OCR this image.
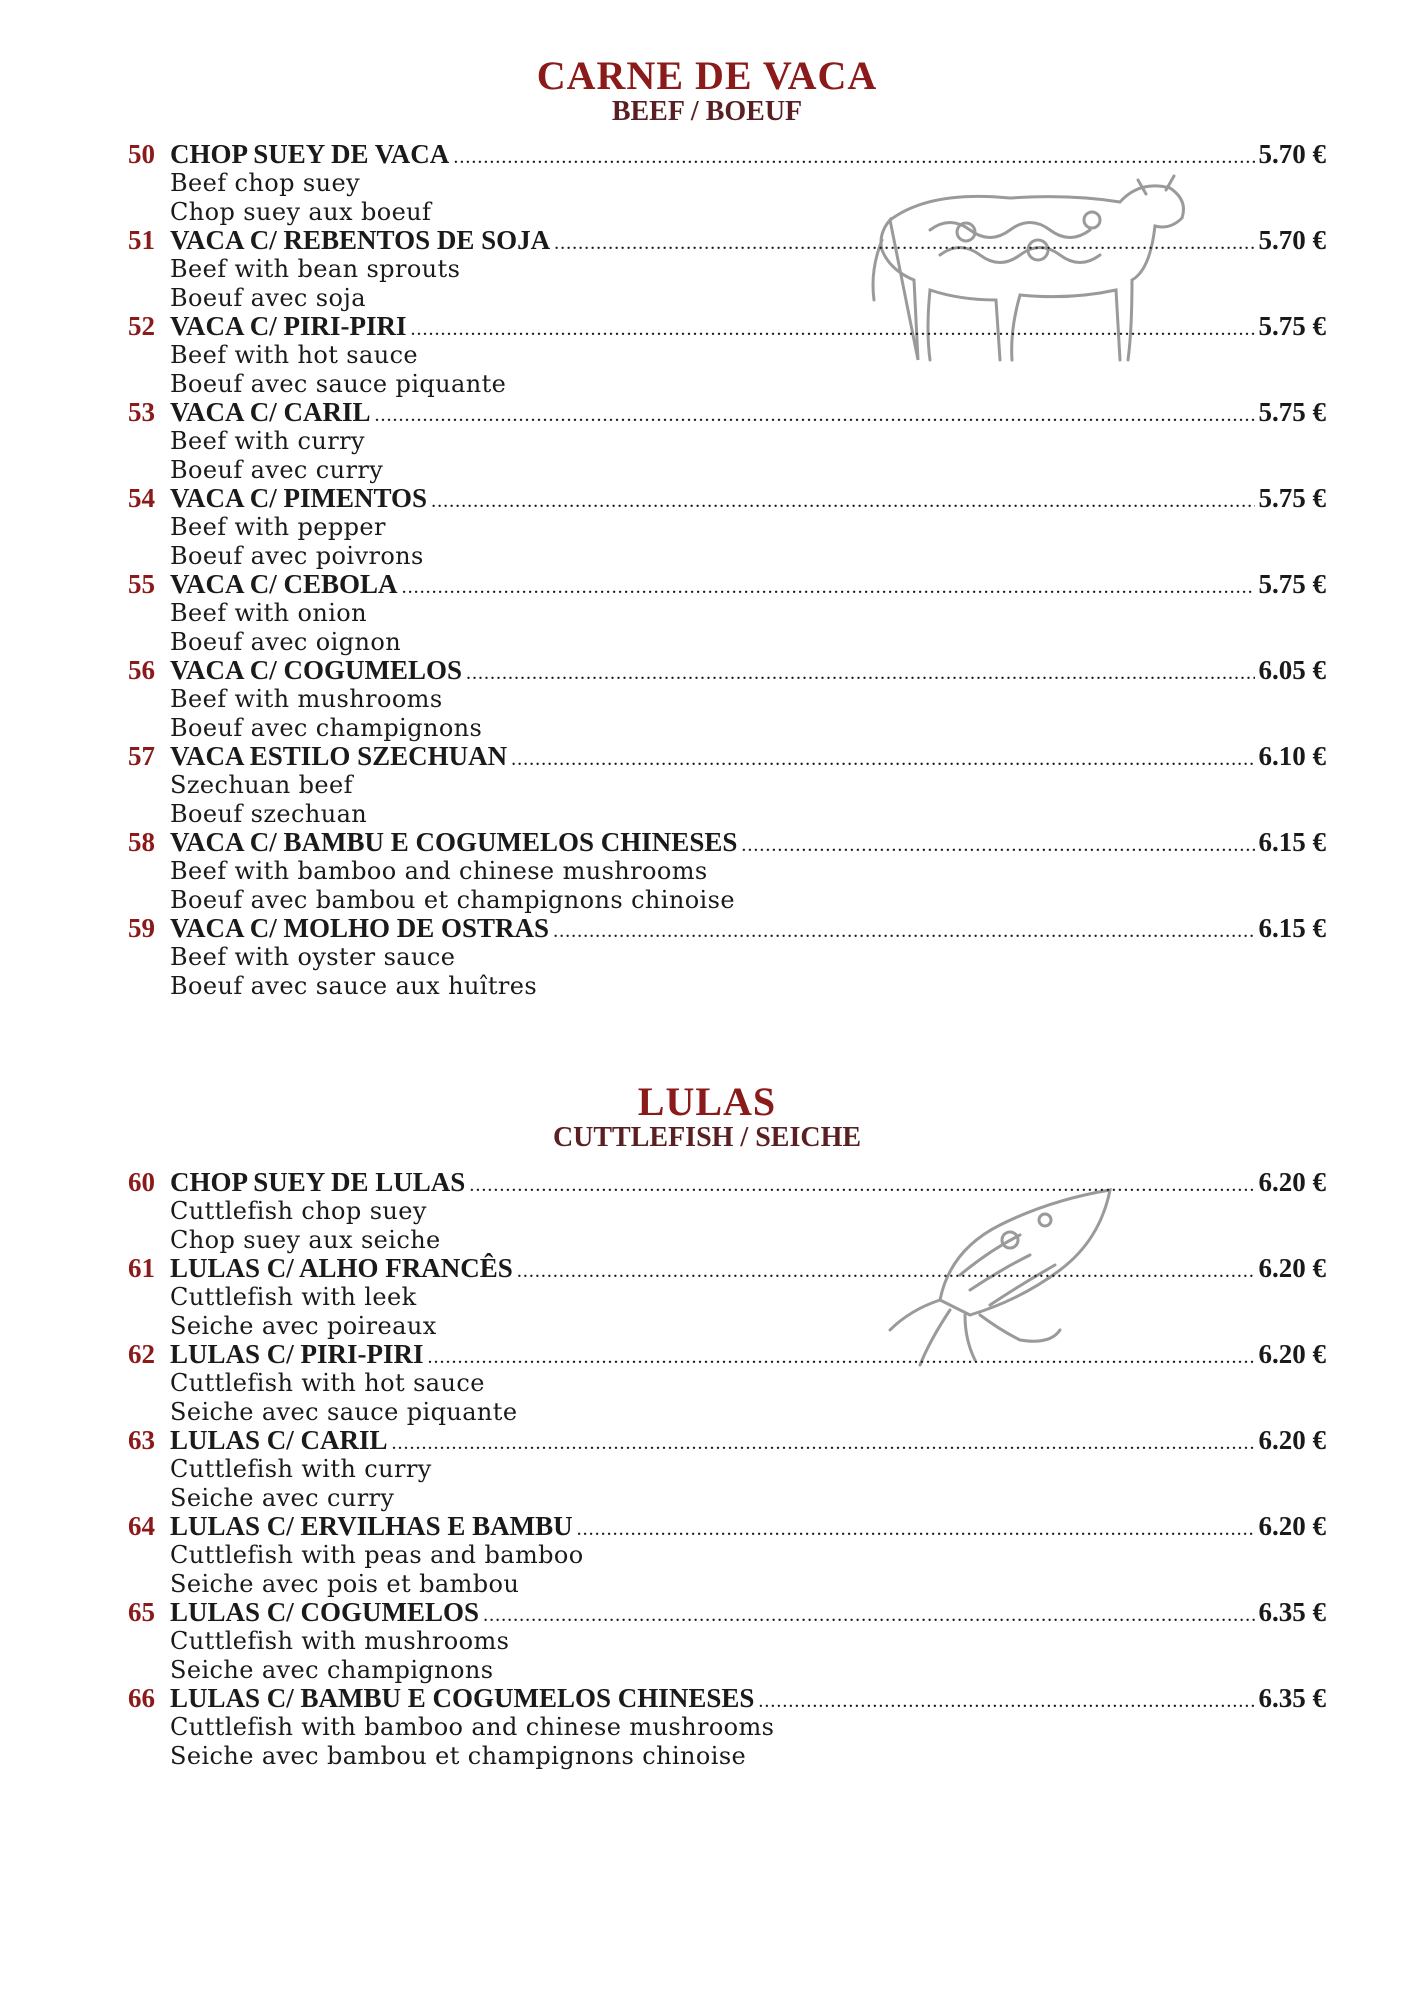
CARNE DE VACA
BEEF / BOEUF
50 CHOP SUEY DE VACA .....	5.70 €
Beef chop suey
Chop suey aux boeuf
51 VACA C/ REBENTOS DE SOJA .....	5.70 €
Beef with bean sprouts
Boeuf avec soja
52 VACA C/ PIRI-PIRI .....	5.75 €
Beef with hot sauce
Boeuf avec sauce piquante
53 VACA C/ CARIL .....	5.75 €
Beef with curry
Boeuf avec curry
54 VACA C/ PIMENTOS .....	5.75 €
Beef with pepper
Boeuf avec poivrons
55 VACA C/ CEBOLA .....	5.75 €
Beef with onion
Boeuf avec oignon
56 VACA C/ COGUMELOS .....	6.05 €
Beef with mushrooms
Boeuf avec champignons
57 VACA ESTILO SZECHUAN .....	6.10 €
Szechuan beef
Boeuf szechuan
58 VACA C/ BAMBU E COGUMELOS CHINESES .....	6.15 €
Beef with bamboo and chinese mushrooms
Boeuf avec bambou et champignons chinoise
59 VACA C/ MOLHO DE OSTRAS .....	6.15 €
Beef with oyster sauce
Boeuf avec sauce aux huîtres
LULAS
CUTTLEFISH / SEICHE
60 CHOP SUEY DE LULAS .....	6.20 €
Cuttlefish chop suey
Chop suey aux seiche
61 LULAS C/ ALHO FRANCÊS .....	6.20 €
Cuttlefish with leek
Seiche avec poireaux
62 LULAS C/ PIRI-PIRI .....	6.20 €
Cuttlefish with hot sauce
Seiche avec sauce piquante
63 LULAS C/ CARIL .....	6.20 €
Cuttlefish with curry
Seiche avec curry
64 LULAS C/ ERVILHAS E BAMBU .....	6.20 €
Cuttlefish with peas and bamboo
Seiche avec pois et bambou
65 LULAS C/ COGUMELOS .....	6.35 €
Cuttlefish with mushrooms
Seiche avec champignons
66 LULAS C/ BAMBU E COGUMELOS CHINESES .....	6.35 €
Cuttlefish with bamboo and chinese mushrooms
Seiche avec bambou et champignons chinoise
